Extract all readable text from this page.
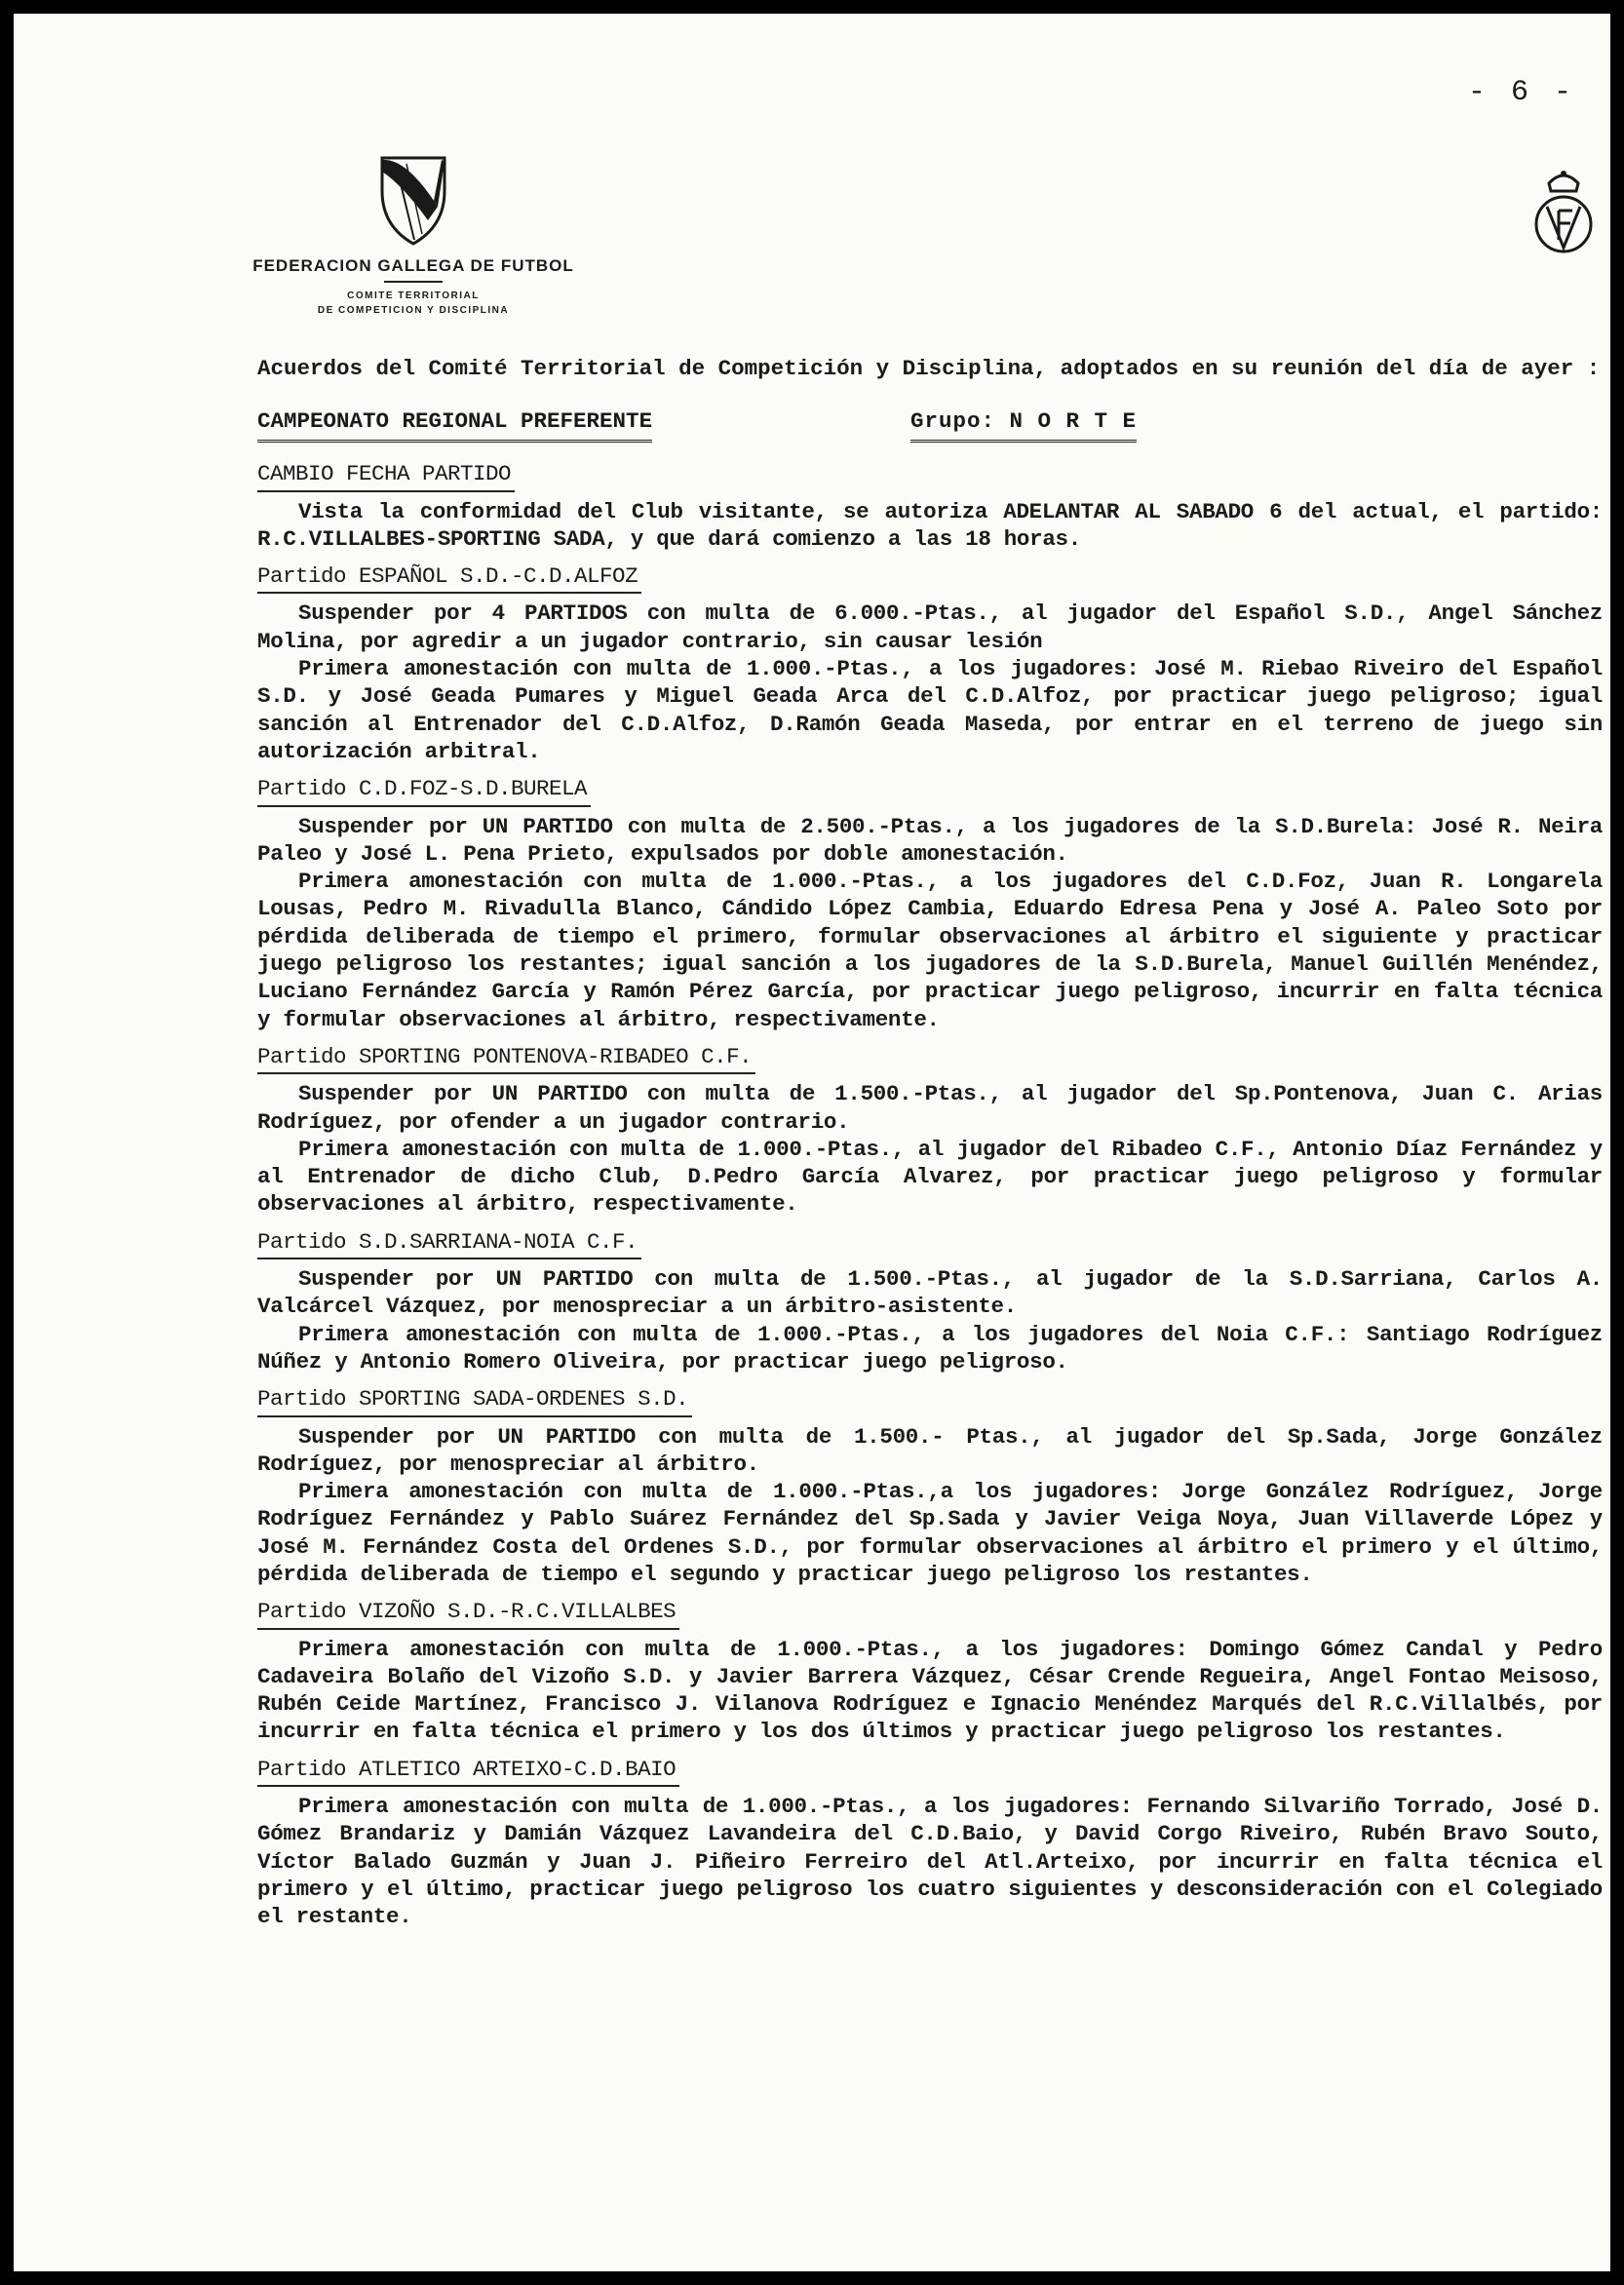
- 6 -
FEDERACION GALLEGA DE FUTBOL
COMITE TERRITORIAL
DE COMPETICION Y DISCIPLINA

Acuerdos del Comité Territorial de Competición y Disciplina, adoptados en su reunión del día de ayer :

CAMPEONATO REGIONAL PREFERENTE	Grupo: N O R T E
CAMBIO FECHA PARTIDO

Vista la conformidad del Club visitante, se autoriza ADELANTAR AL SABADO 6 del actual, el partido: R.C.VILLALBES-SPORTING SADA, y que dará comienzo a las 18 horas.

Partido ESPAÑOL S.D.-C.D.ALFOZ

Suspender por 4 PARTIDOS con multa de 6.000.-Ptas., al jugador del Español S.D., Angel Sánchez Molina, por agredir a un jugador contrario, sin causar lesión

Primera amonestación con multa de 1.000.-Ptas., a los jugadores: José M. Riebao Riveiro del Español S.D. y José Geada Pumares y Miguel Geada Arca del C.D.Alfoz, por practicar juego peligroso; igual sanción al Entrenador del C.D.Alfoz, D.Ramón Geada Maseda, por entrar en el terreno de juego sin autorización arbitral.

Partido C.D.FOZ-S.D.BURELA

Suspender por UN PARTIDO con multa de 2.500.-Ptas., a los jugadores de la S.D.Burela: José R. Neira Paleo y José L. Pena Prieto, expulsados por doble amonestación.

Primera amonestación con multa de 1.000.-Ptas., a los jugadores del C.D.Foz, Juan R. Longarela Lousas, Pedro M. Rivadulla Blanco, Cándido López Cambia, Eduardo Edresa Pena y José A. Paleo Soto por pérdida deliberada de tiempo el primero, formular observaciones al árbitro el siguiente y practicar juego peligroso los restantes; igual sanción a los jugadores de la S.D.Burela, Manuel Guillén Menéndez, Luciano Fernández García y Ramón Pérez García, por practicar juego peligroso, incurrir en falta técnica y formular observaciones al árbitro, respectivamente.

Partido SPORTING PONTENOVA-RIBADEO C.F.

Suspender por UN PARTIDO con multa de 1.500.-Ptas., al jugador del Sp.Pontenova, Juan C. Arias Rodríguez, por ofender a un jugador contrario.

Primera amonestación con multa de 1.000.-Ptas., al jugador del Ribadeo C.F., Antonio Díaz Fernández y al Entrenador de dicho Club, D.Pedro García Alvarez, por practicar juego peligroso y formular observaciones al árbitro, respectivamente.

Partido S.D.SARRIANA-NOIA C.F.

Suspender por UN PARTIDO con multa de 1.500.-Ptas., al jugador de la S.D.Sarriana, Carlos A. Valcárcel Vázquez, por menospreciar a un árbitro-asistente.

Primera amonestación con multa de 1.000.-Ptas., a los jugadores del Noia C.F.: Santiago Rodríguez Núñez y Antonio Romero Oliveira, por practicar juego peligroso.

Partido SPORTING SADA-ORDENES S.D.

Suspender por UN PARTIDO con multa de 1.500.- Ptas., al jugador del Sp.Sada, Jorge González Rodríguez, por menospreciar al árbitro.

Primera amonestación con multa de 1.000.-Ptas.,a los jugadores: Jorge González Rodríguez, Jorge Rodríguez Fernández y Pablo Suárez Fernández del Sp.Sada y Javier Veiga Noya, Juan Villaverde López y José M. Fernández Costa del Ordenes S.D., por formular observaciones al árbitro el primero y el último, pérdida deliberada de tiempo el segundo y practicar juego peligroso los restantes.

Partido VIZOÑO S.D.-R.C.VILLALBES

Primera amonestación con multa de 1.000.-Ptas., a los jugadores: Domingo Gómez Candal y Pedro Cadaveira Bolaño del Vizoño S.D. y Javier Barrera Vázquez, César Crende Regueira, Angel Fontao Meisoso, Rubén Ceide Martínez, Francisco J. Vilanova Rodríguez e Ignacio Menéndez Marqués del R.C.Villalbés, por incurrir en falta técnica el primero y los dos últimos y practicar juego peligroso los restantes.

Partido ATLETICO ARTEIXO-C.D.BAIO

Primera amonestación con multa de 1.000.-Ptas., a los jugadores: Fernando Silvariño Torrado, José D. Gómez Brandariz y Damián Vázquez Lavandeira del C.D.Baio, y David Corgo Riveiro, Rubén Bravo Souto, Víctor Balado Guzmán y Juan J. Piñeiro Ferreiro del Atl.Arteixo, por incurrir en falta técnica el primero y el último, practicar juego peligroso los cuatro siguientes y desconsideración con el Colegiado el restante.
